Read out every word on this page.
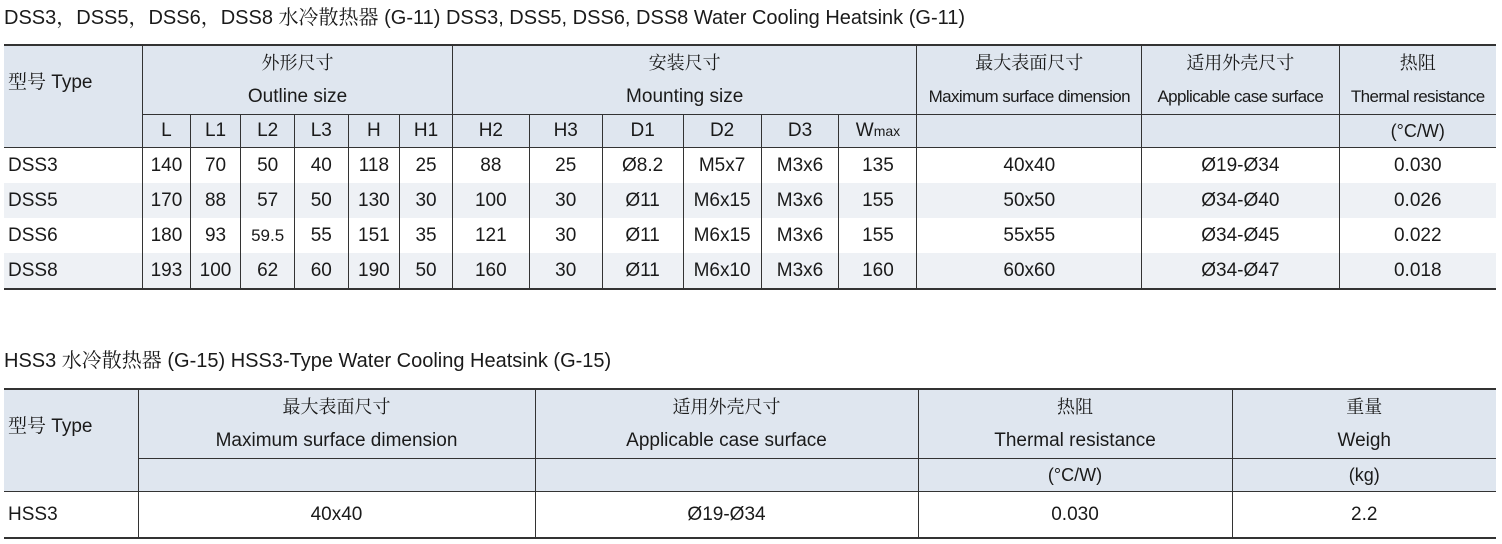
DSS3，DSS5，DSS6，DSS8 水冷散热器 (G-11) DSS3, DSS5, DSS6, DSS8 Water Cooling Heatsink (G-11)
型号 Type	外形尺寸						安装尺寸						最大表面尺寸	适用外壳尺寸	热阻
	Outline size						Mounting size						Maximum surface dimension	Applicable case surface	Thermal resistance
	L	L1	L2	L3	H	H1	H2	H3	D1	D2	D3	Wmax			(°C/W)
DSS3	140	70	50	40	118	25	88	25	Ø8.2	M5x7	M3x6	135	40x40	Ø19-Ø34	0.030
DSS5	170	88	57	50	130	30	100	30	Ø11	M6x15	M3x6	155	50x50	Ø34-Ø40	0.026
DSS6	180	93	59.5	55	151	35	121	30	Ø11	M6x15	M3x6	155	55x55	Ø34-Ø45	0.022
DSS8	193	100	62	60	190	50	160	30	Ø11	M6x10	M3x6	160	60x60	Ø34-Ø47	0.018
HSS3 水冷散热器 (G-15) HSS3-Type Water Cooling Heatsink (G-15)
型号 Type	最大表面尺寸	适用外壳尺寸	热阻	重量
	Maximum surface dimension	Applicable case surface	Thermal resistance	Weigh
			(°C/W)	(kg)
HSS3	40x40	Ø19-Ø34	0.030	2.2
